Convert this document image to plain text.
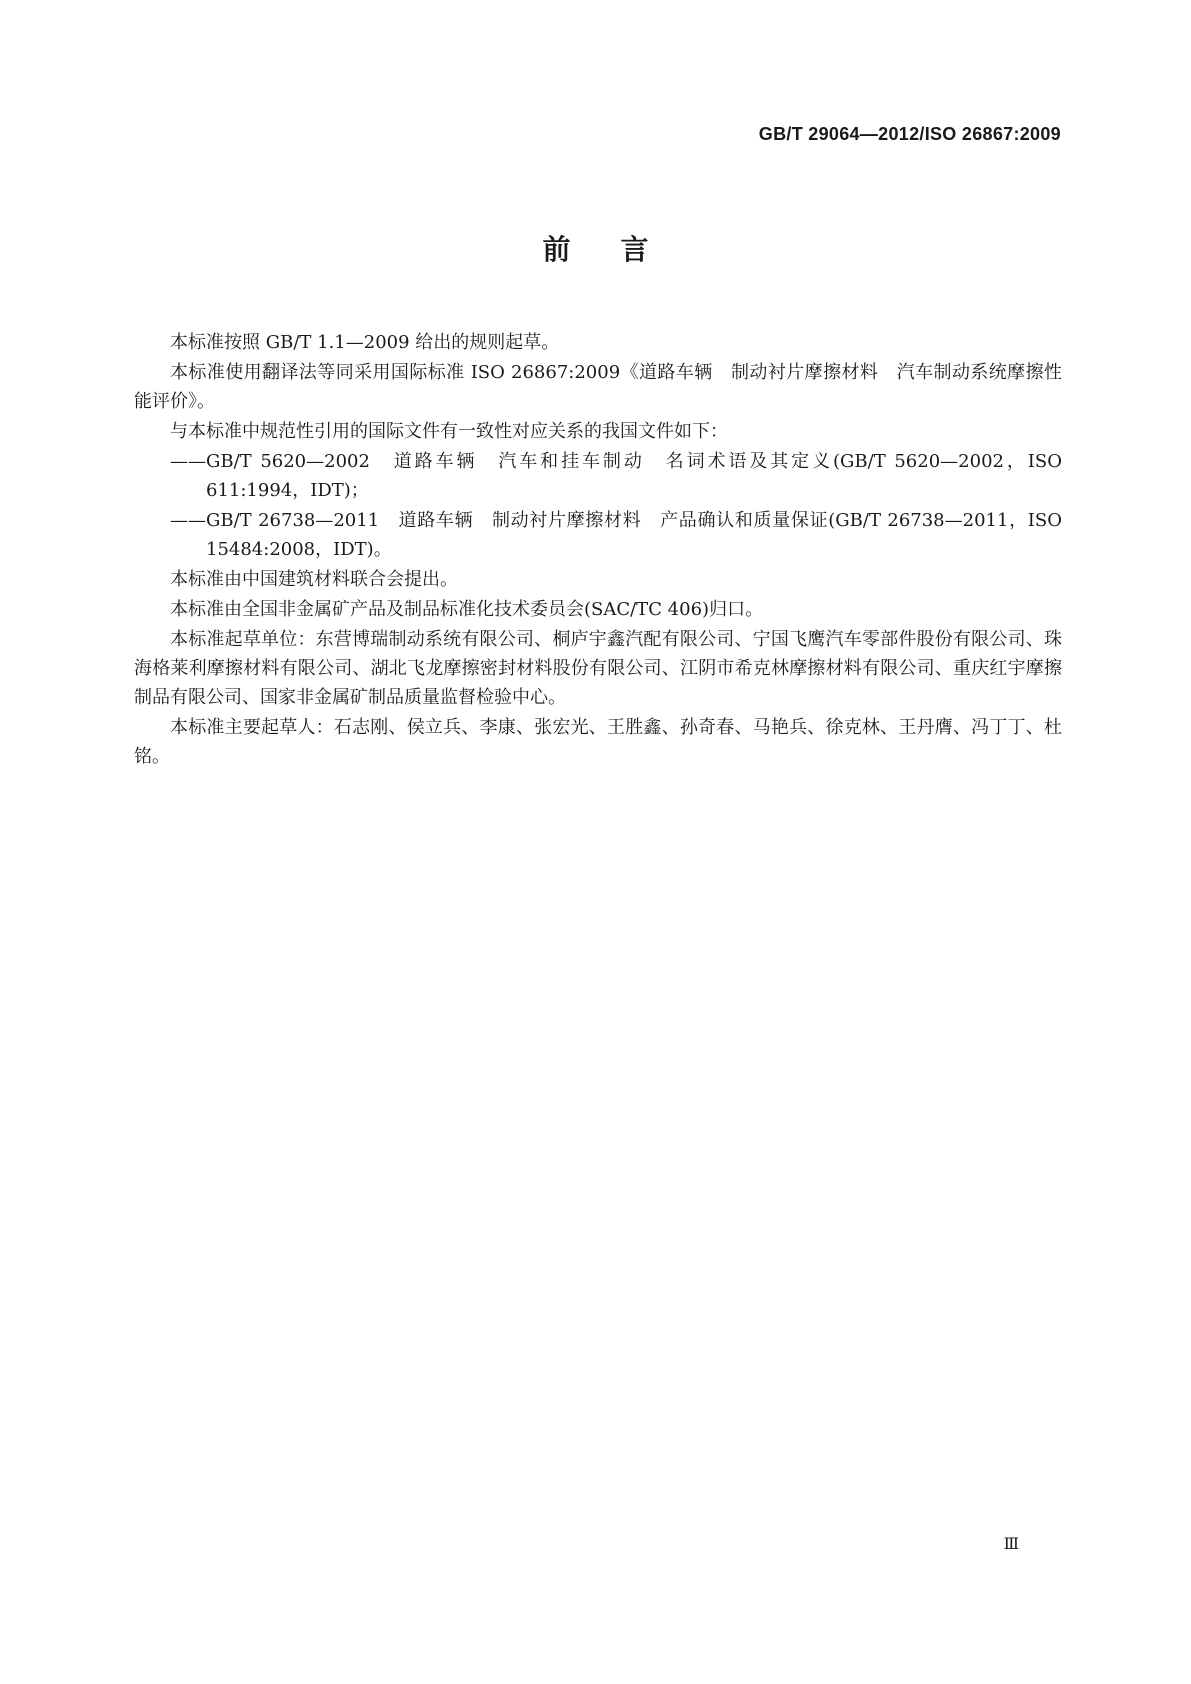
GB/T 29064—2012/ISO 26867:2009
前言

本标准按照 GB/T 1.1—2009 给出的规则起草。

本标准使用翻译法等同采用国际标准 ISO 26867:2009《道路车辆　制动衬片摩擦材料　汽车制动系统摩擦性能评价》。

与本标准中规范性引用的国际文件有一致性对应关系的我国文件如下：

——GB/T 5620—2002　道路车辆　汽车和挂车制动　名词术语及其定义(GB/T 5620—2002，ISO 611:1994，IDT)；

——GB/T 26738—2011　道路车辆　制动衬片摩擦材料　产品确认和质量保证(GB/T 26738—2011，ISO 15484:2008，IDT)。

本标准由中国建筑材料联合会提出。

本标准由全国非金属矿产品及制品标准化技术委员会(SAC/TC 406)归口。

本标准起草单位：东营博瑞制动系统有限公司、桐庐宇鑫汽配有限公司、宁国飞鹰汽车零部件股份有限公司、珠海格莱利摩擦材料有限公司、湖北飞龙摩擦密封材料股份有限公司、江阴市希克林摩擦材料有限公司、重庆红宇摩擦制品有限公司、国家非金属矿制品质量监督检验中心。

本标准主要起草人：石志刚、侯立兵、李康、张宏光、王胜鑫、孙奇春、马艳兵、徐克林、王丹膺、冯丁丁、杜铭。

Ⅲ
